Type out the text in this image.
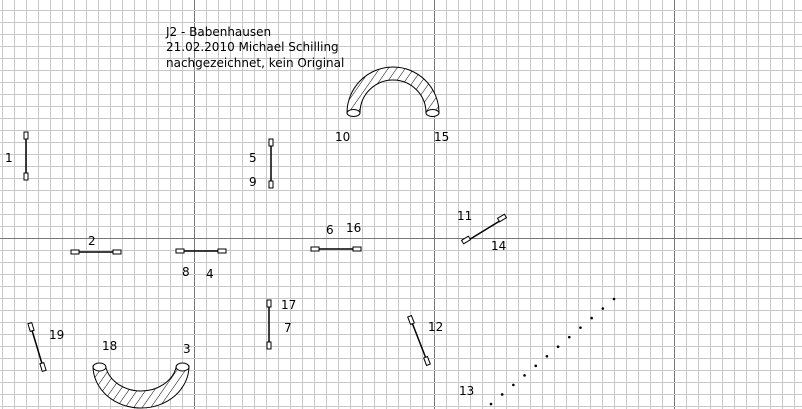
J2 - Babenhausen
21.02.2010 Michael Schilling
nachgezeichnet, kein Original
10	15
18	3
1
2
8 4
5
9
6 16
11
14
17
7	12
19
13
